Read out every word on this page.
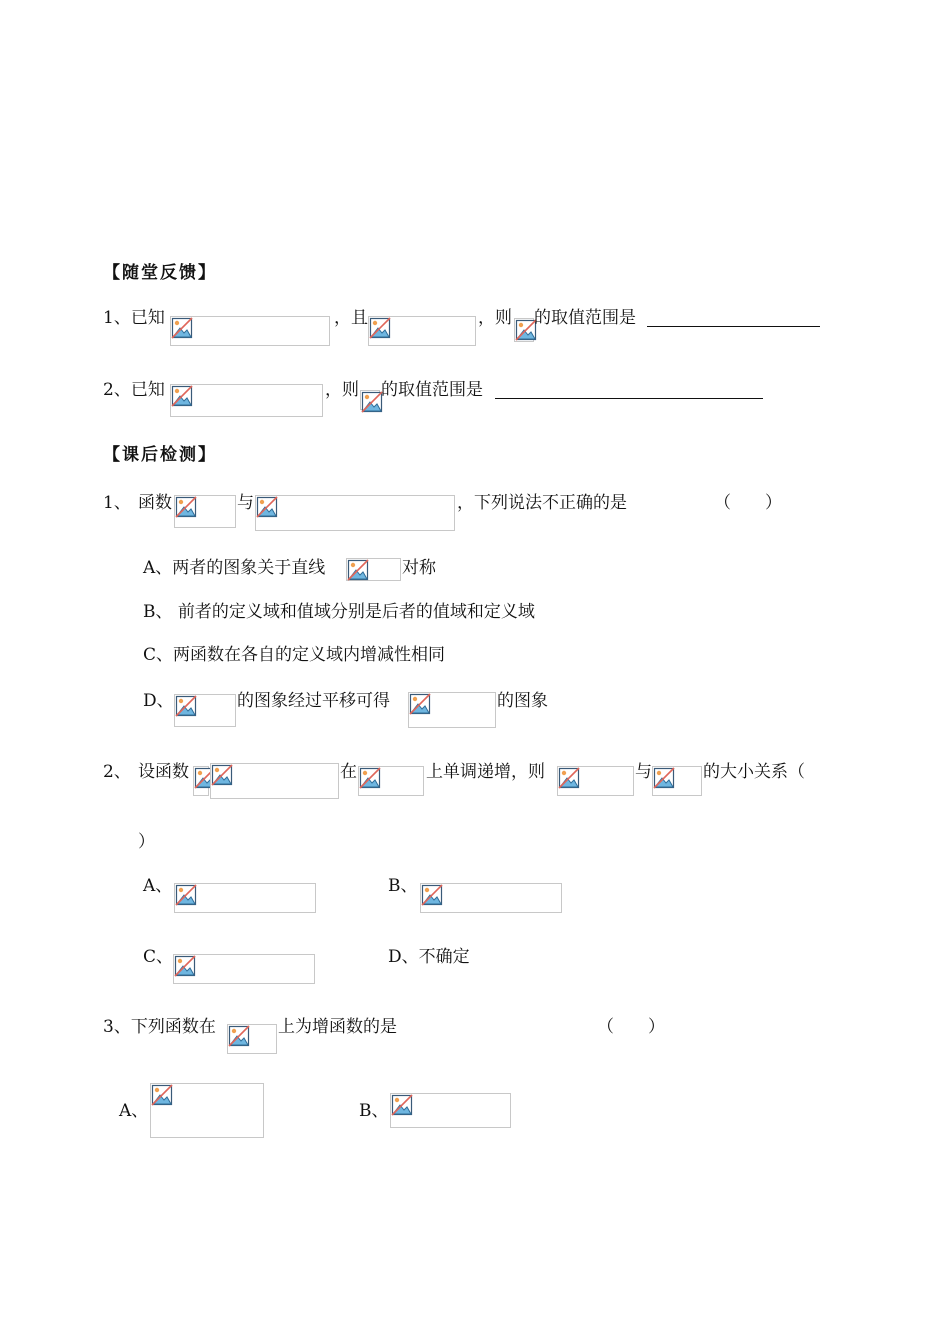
【随堂反馈】
1、已知	，且	，则 的取值范围是
2、已知	，则 的取值范围是
【课后检测】
1、 函数	与	，下列说法不正确的是	（　　）
A、两者的图象关于直线	对称
B、 前者的定义域和值域分别是后者的值域和定义域
C、两函数在各自的定义域内增减性相同
D、	的图象经过平移可得	的图象
2、 设函数	在	上单调递增，则	与	的大小关系（
）
A、	B、
C、	D、不确定
3、下列函数在	上为增函数的是	（　　）
A、	B、
